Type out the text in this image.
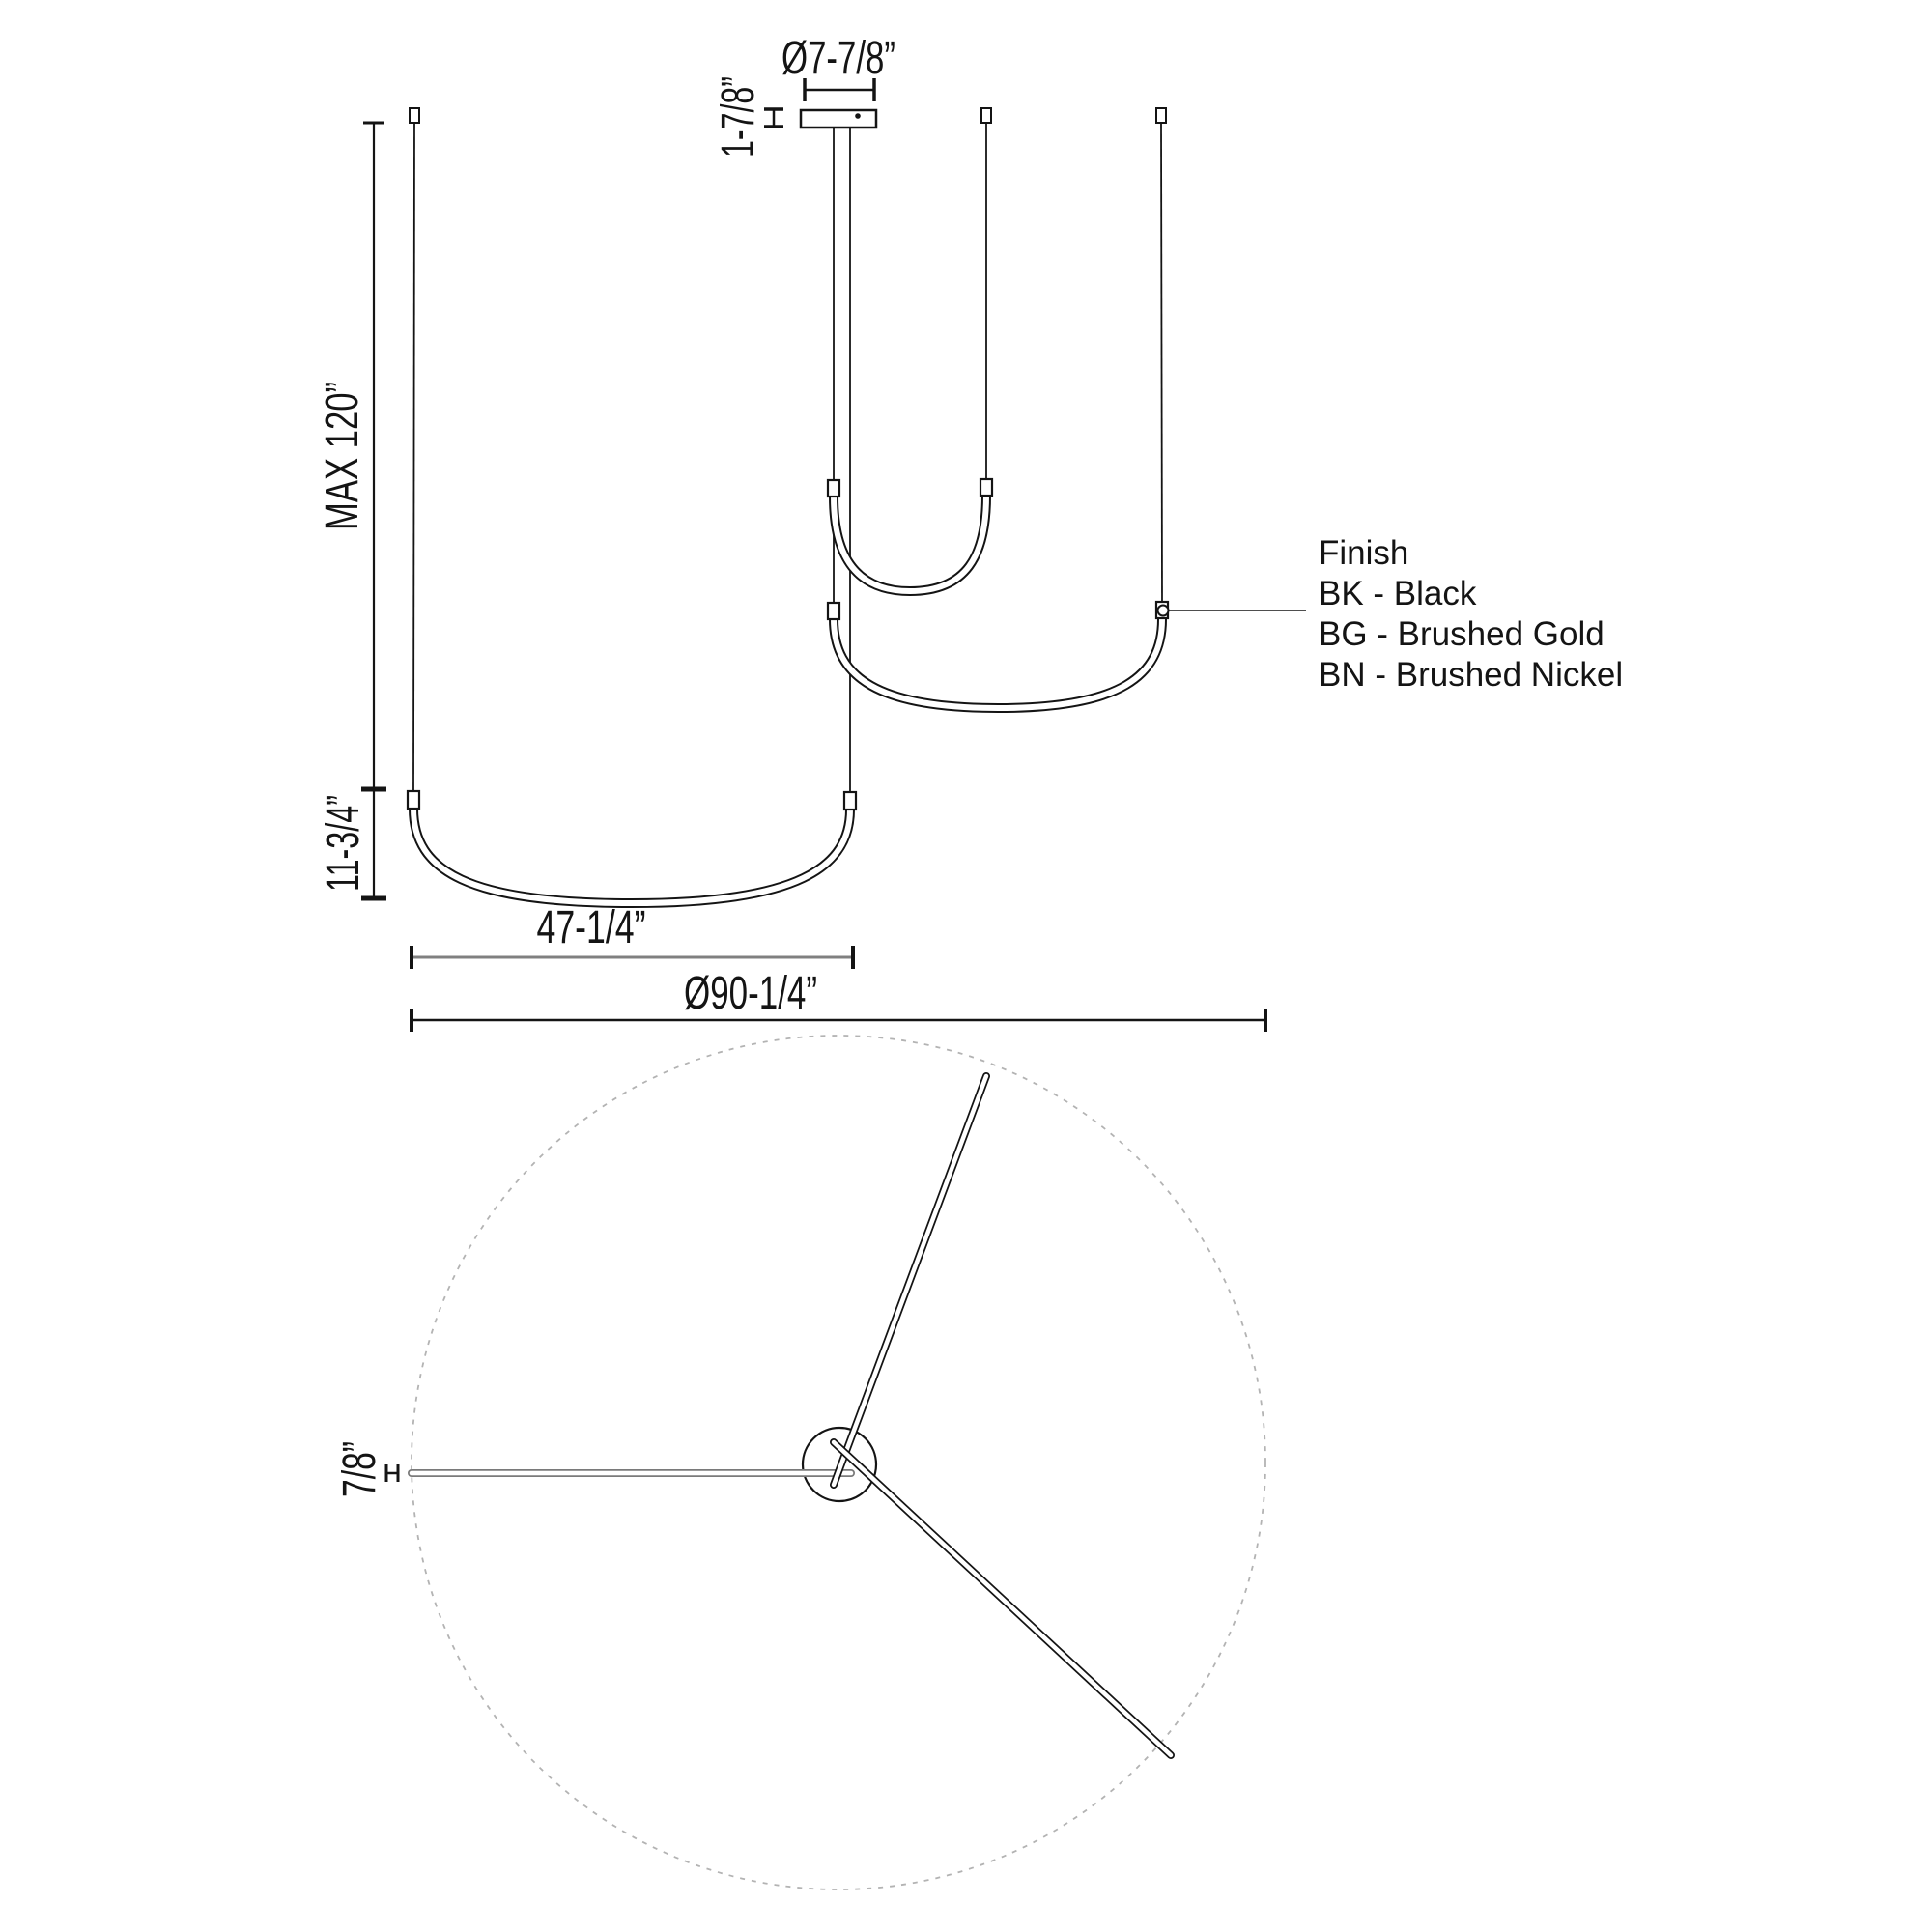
Ø7-7/8”
1-7/8”
MAX 120”
11-3/4”
47-1/4”
Ø90-1/4”
Finish
BK - Black
BG - Brushed Gold
BN - Brushed Nickel
7/8”
